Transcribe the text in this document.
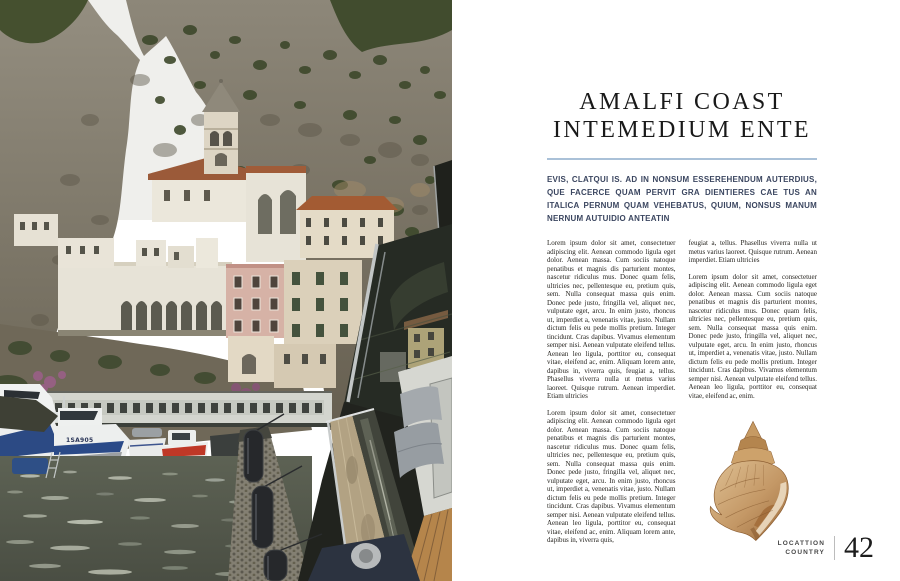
1SA905
AMALFI COAST
INTEMEDIUM ENTE
EVIS, CLATQUI IS. AD IN NONSUM ESSEREHENDUM AUTERDIUS, QUE FACERCE QUAM PERVIT GRA DIENTIERES CAE TUS AN ITALICA PERNUM QUAM VEHEBATUS, QUIUM, NONSUS MANUM NERNUM AUTUIDIO ANTEATIN

Lorem ipsum dolor sit amet, consectetuer adipiscing elit. Aenean commodo ligula eget dolor. Aenean massa. Cum sociis natoque penatibus et magnis dis parturient montes, nascetur ridiculus mus. Donec quam felis, ultricies nec, pellentesque eu, pretium quis, sem. Nulla consequat massa quis enim. Donec pede justo, fringilla vel, aliquet nec, vulputate eget, arcu. In enim justo, rhoncus ut, imperdiet a, venenatis vitae, justo. Nullam dictum felis eu pede mollis pretium. Integer tincidunt. Cras dapibus. Vivamus elementum semper nisi. Aenean vulputate eleifend tellus. Aenean leo ligula, porttitor eu, consequat vitae, eleifend ac, enim. Aliquam lorem ante, dapibus in, viverra quis, feugiat a, tellus. Phasellus viverra nulla ut metus varius laoreet. Quisque rutrum. Aenean imperdiet. Etiam ultricies

Lorem ipsum dolor sit amet, consectetuer adipiscing elit. Aenean commodo ligula eget dolor. Aenean massa. Cum sociis natoque penatibus et magnis dis parturient montes, nascetur ridiculus mus. Donec quam felis, ultricies nec, pellentesque eu, pretium quis, sem. Nulla consequat massa quis enim. Donec pede justo, fringilla vel, aliquet nec, vulputate eget, arcu. In enim justo, rhoncus ut, imperdiet a, venenatis vitae, justo. Nullam dictum felis eu pede mollis pretium. Integer tincidunt. Cras dapibus. Vivamus elementum semper nisi. Aenean vulputate eleifend tellus. Aenean leo ligula, porttitor eu, consequat vitae, eleifend ac, enim. Aliquam lorem ante, dapibus in, viverra quis,

feugiat a, tellus. Phasellus viverra nulla ut metus varius laoreet. Quisque rutrum. Aenean imperdiet. Etiam ultricies

Lorem ipsum dolor sit amet, consectetuer adipiscing elit. Aenean commodo ligula eget dolor. Aenean massa. Cum sociis natoque penatibus et magnis dis parturient montes, nascetur ridiculus mus. Donec quam felis, ultricies nec, pellentesque eu, pretium quis, sem. Nulla consequat massa quis enim. Donec pede justo, fringilla vel, aliquet nec, vulputate eget, arcu. In enim justo, rhoncus ut, imperdiet a, venenatis vitae, justo. Nullam dictum felis eu pede mollis pretium. Integer tincidunt. Cras dapibus. Vivamus elementum semper nisi. Aenean vulputate eleifend tellus. Aenean leo ligula, porttitor eu, consequat vitae, eleifend ac, enim.

LOCATTION
COUNTRY 42
